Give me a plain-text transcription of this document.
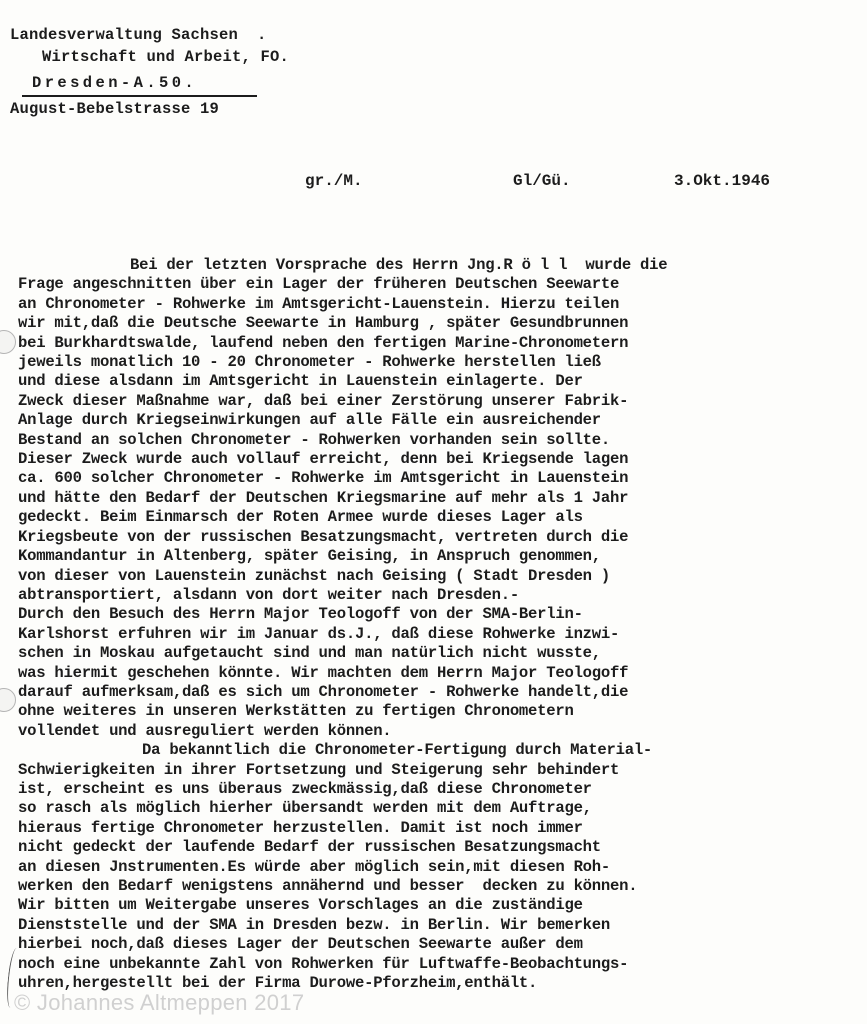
Landesverwaltung Sachsen  .
Wirtschaft und Arbeit, FO.
Dresden-A.50.
August-Bebelstrasse 19
gr./M.	Gl/Gü.	3.Okt.1946

Bei der letzten Vorsprache des Herrn Jng.R ö l l  wurde die
Frage angeschnitten über ein Lager der früheren Deutschen Seewarte
an Chronometer - Rohwerke im Amtsgericht-Lauenstein. Hierzu teilen
wir mit,daß die Deutsche Seewarte in Hamburg , später Gesundbrunnen
bei Burkhardtswalde, laufend neben den fertigen Marine-Chronometern
jeweils monatlich 10 - 20 Chronometer - Rohwerke herstellen ließ
und diese alsdann im Amtsgericht in Lauenstein einlagerte. Der
Zweck dieser Maßnahme war, daß bei einer Zerstörung unserer Fabrik-
Anlage durch Kriegseinwirkungen auf alle Fälle ein ausreichender
Bestand an solchen Chronometer - Rohwerken vorhanden sein sollte.
Dieser Zweck wurde auch vollauf erreicht, denn bei Kriegsende lagen
ca. 600 solcher Chronometer - Rohwerke im Amtsgericht in Lauenstein
und hätte den Bedarf der Deutschen Kriegsmarine auf mehr als 1 Jahr
gedeckt. Beim Einmarsch der Roten Armee wurde dieses Lager als
Kriegsbeute von der russischen Besatzungsmacht, vertreten durch die
Kommandantur in Altenberg, später Geising, in Anspruch genommen,
von dieser von Lauenstein zunächst nach Geising ( Stadt Dresden )
abtransportiert, alsdann von dort weiter nach Dresden.-
Durch den Besuch des Herrn Major Teologoff von der SMA-Berlin-
Karlshorst erfuhren wir im Januar ds.J., daß diese Rohwerke inzwi-
schen in Moskau aufgetaucht sind und man natürlich nicht wusste,
was hiermit geschehen könnte. Wir machten dem Herrn Major Teologoff
darauf aufmerksam,daß es sich um Chronometer - Rohwerke handelt,die
ohne weiteres in unseren Werkstätten zu fertigen Chronometern
vollendet und ausreguliert werden können.

Da bekanntlich die Chronometer-Fertigung durch Material-
Schwierigkeiten in ihrer Fortsetzung und Steigerung sehr behindert
ist, erscheint es uns überaus zweckmässig,daß diese Chronometer
so rasch als möglich hierher übersandt werden mit dem Auftrage,
hieraus fertige Chronometer herzustellen. Damit ist noch immer
nicht gedeckt der laufende Bedarf der russischen Besatzungsmacht
an diesen Jnstrumenten.Es würde aber möglich sein,mit diesen Roh-
werken den Bedarf wenigstens annähernd und besser  decken zu können.
Wir bitten um Weitergabe unseres Vorschlages an die zuständige
Dienststelle und der SMA in Dresden bezw. in Berlin. Wir bemerken
hierbei noch,daß dieses Lager der Deutschen Seewarte außer dem
noch eine unbekannte Zahl von Rohwerken für Luftwaffe-Beobachtungs-
uhren,hergestellt bei der Firma Durowe-Pforzheim,enthält.

© Johannes Altmeppen 2017
